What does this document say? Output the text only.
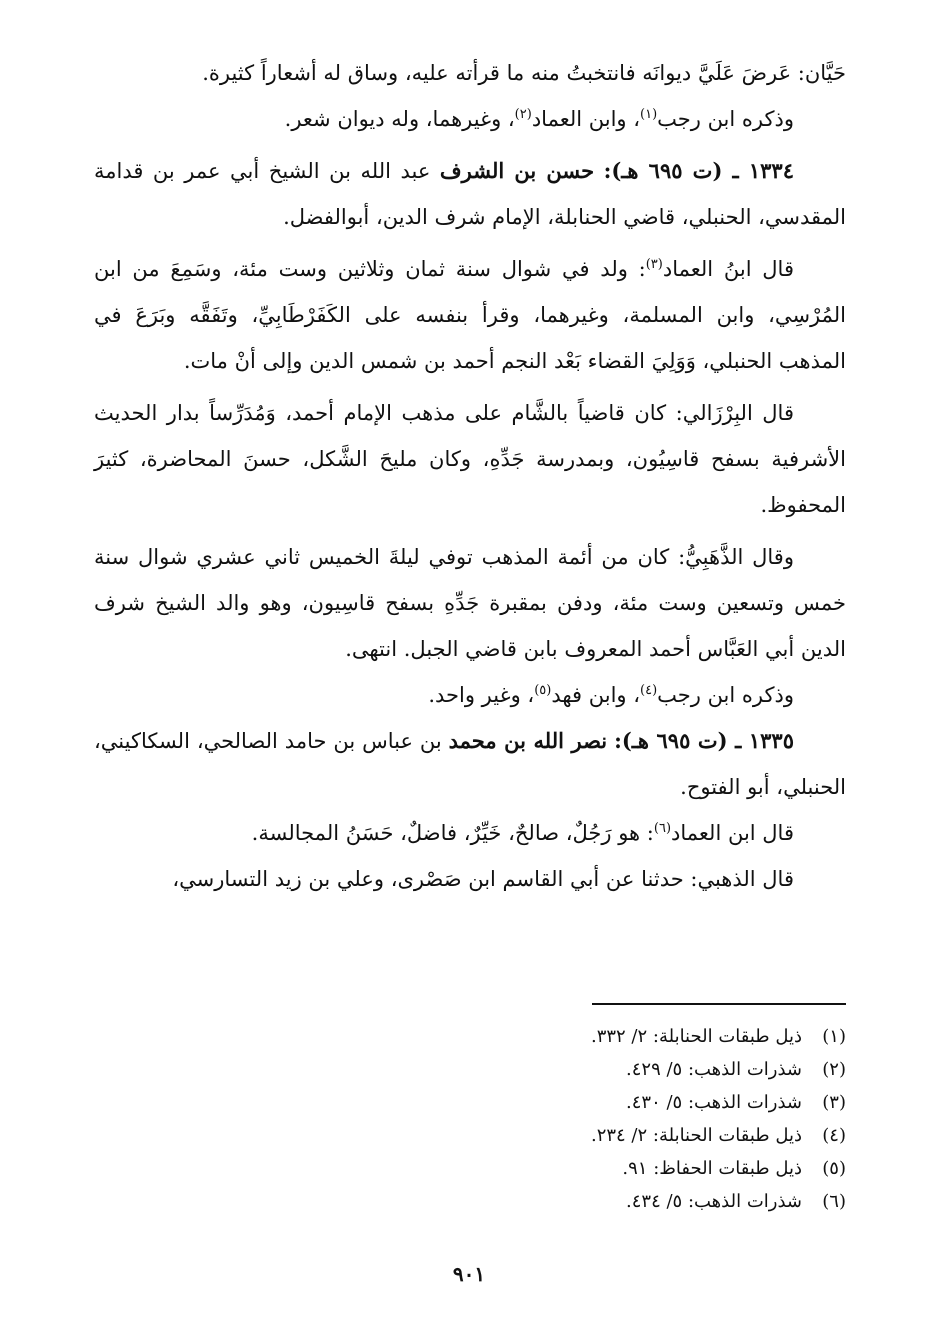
حَيَّان: عَرضَ عَلَيَّ ديوانَه فانتخبتُ منه ما قرأته عليه، وساق له أشعاراً كثيرة.

وذكره ابن رجب$^{(١)}$، وابن العماد$^{(٢)}$، وغيرهما، وله ديوان شعر.

١٣٣٤ ـ (ت ٦٩٥ هـ): حسن بن الشرف عبد الله بن الشيخ أبي عمر بن قدامة المقدسي، الحنبلي، قاضي الحنابلة، الإمام شرف الدين، أبوالفضل.

قال ابنُ العماد$^{(٣)}$: ولد في شوال سنة ثمان وثلاثين وست مئة، وسَمِعَ من ابن المُرْسِي، وابن المسلمة، وغيرهما، وقرأ بنفسه على الكَفَرْطَابِيِّ، وتَفَقَّه وبَرَعَ في المذهب الحنبلي، وَوَلِيَ القضاء بَعْد النجم أحمد بن شمس الدين وإلى أنْ مات.

قال البِرْزَالي: كان قاضياً بالشَّام على مذهب الإمام أحمد، وَمُدَرِّساً بدار الحديث الأشرفية بسفح قاسِيُون، وبمدرسة جَدِّهِ، وكان مليحَ الشَّكل، حسنَ المحاضرة، كثيرَ المحفوظ.

وقال الذَّهَبِيُّ: كان من أئمة المذهب توفي ليلةَ الخميس ثاني عشري شوال سنة خمس وتسعين وست مئة، ودفن بمقبرة جَدِّهِ بسفح قاسِيون، وهو والد الشيخ شرف الدين أبي العَبَّاس أحمد المعروف بابن قاضي الجبل. انتهى.

وذكره ابن رجب$^{(٤)}$، وابن فهد$^{(٥)}$، وغير واحد.

١٣٣٥ ـ (ت ٦٩٥ هـ): نصر الله بن محمد بن عباس بن حامد الصالحي، السكاكيني، الحنبلي، أبو الفتوح.

قال ابن العماد$^{(٦)}$: هو رَجُلٌ، صالحٌ، خَيِّرٌ، فاضلٌ، حَسَنُ المجالسة.

قال الذهبي: حدثنا عن أبي القاسم ابن صَصْرى، وعلي بن زيد التسارسي،

(١)
ذيل طبقات الحنابلة: ٢/ ٣٣٢.
(٢)
شذرات الذهب: ٥/ ٤٢٩.
(٣)
شذرات الذهب: ٥/ ٤٣٠.
(٤)
ذيل طبقات الحنابلة: ٢/ ٢٣٤.
(٥)
ذيل طبقات الحفاظ: ٩١.
(٦)
شذرات الذهب: ٥/ ٤٣٤.
٩٠١
